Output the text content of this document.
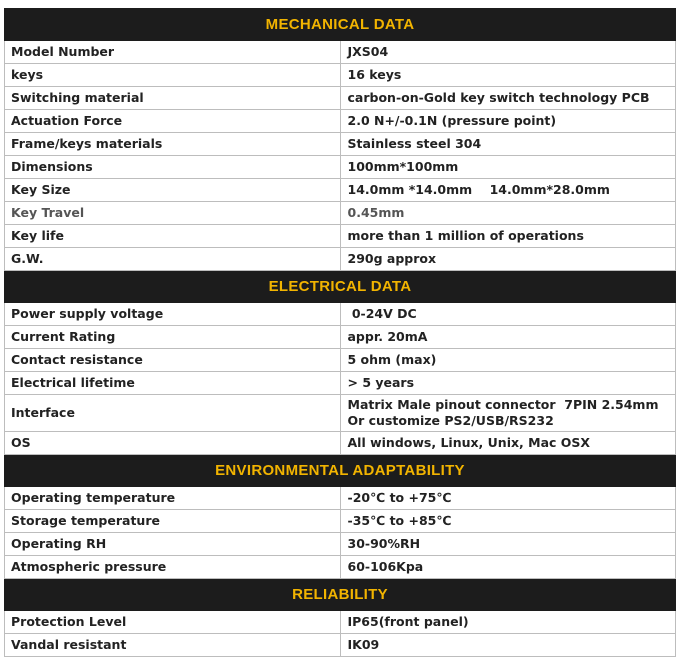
MECHANICAL DATA	
Model Number	JXS04
keys	16 keys
Switching material	carbon-on-Gold key switch technology PCB
Actuation Force	2.0 N+/-0.1N (pressure point)
Frame/keys materials	Stainless steel 304
Dimensions	100mm*100mm
Key Size	14.0mm *14.0mm    14.0mm*28.0mm
Key Travel	0.45mm
Key life	more than 1 million of operations
G.W.	290g approx
ELECTRICAL DATA	
Power supply voltage	0-24V DC
Current Rating	appr. 20mA
Contact resistance	5 ohm (max)
Electrical lifetime	> 5 years
Interface	Matrix Male pinout connector  7PIN 2.54mm
Or customize PS2/USB/RS232

OS	All windows, Linux, Unix, Mac OSX
ENVIRONMENTAL ADAPTABILITY	
Operating temperature	-20℃ to +75℃
Storage temperature	-35℃ to +85℃
Operating RH	30-90%RH
Atmospheric pressure	60-106Kpa
RELIABILITY	
Protection Level	IP65(front panel)
Vandal resistant	IK09
